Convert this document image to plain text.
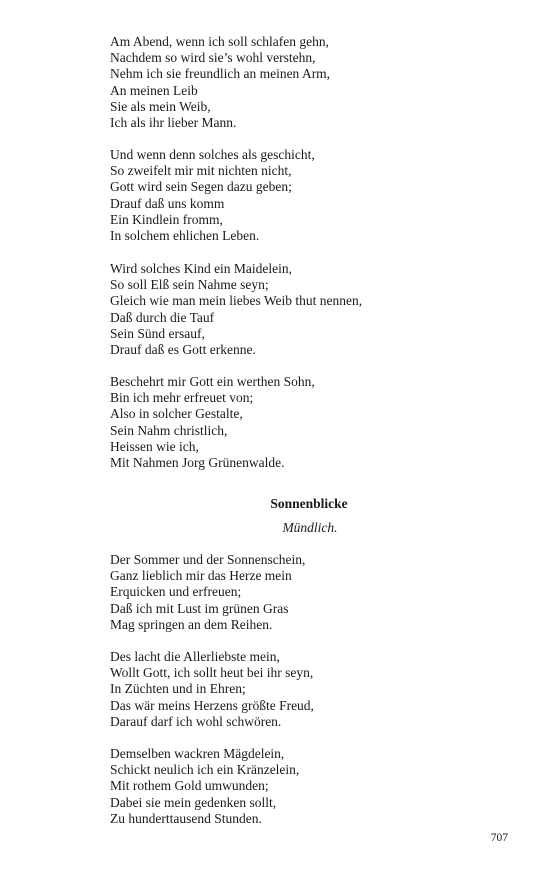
Am Abend, wenn ich soll schlafen gehn,
Nachdem so wird sie’s wohl verstehn,
Nehm ich sie freundlich an meinen Arm,
An meinen Leib
Sie als mein Weib,
Ich als ihr lieber Mann.
Und wenn denn solches als geschicht,
So zweifelt mir mit nichten nicht,
Gott wird sein Segen dazu geben;
Drauf daß uns komm
Ein Kindlein fromm,
In solchem ehlichen Leben.
Wird solches Kind ein Maidelein,
So soll Elß sein Nahme seyn;
Gleich wie man mein liebes Weib thut nennen,
Daß durch die Tauf
Sein Sünd ersauf,
Drauf daß es Gott erkenne.
Beschehrt mir Gott ein werthen Sohn,
Bin ich mehr erfreuet von;
Also in solcher Gestalte,
Sein Nahm christlich,
Heissen wie ich,
Mit Nahmen Jorg Grünenwalde.
Sonnenblicke
Mündlich.
Der Sommer und der Sonnenschein,
Ganz lieblich mir das Herze mein
Erquicken und erfreuen;
Daß ich mit Lust im grünen Gras
Mag springen an dem Reihen.
Des lacht die Allerliebste mein,
Wollt Gott, ich sollt heut bei ihr seyn,
In Züchten und in Ehren;
Das wär meins Herzens größte Freud,
Darauf darf ich wohl schwören.
Demselben wackren Mägdelein,
Schickt neulich ich ein Kränzelein,
Mit rothem Gold umwunden;
Dabei sie mein gedenken sollt,
Zu hunderttausend Stunden.
707
